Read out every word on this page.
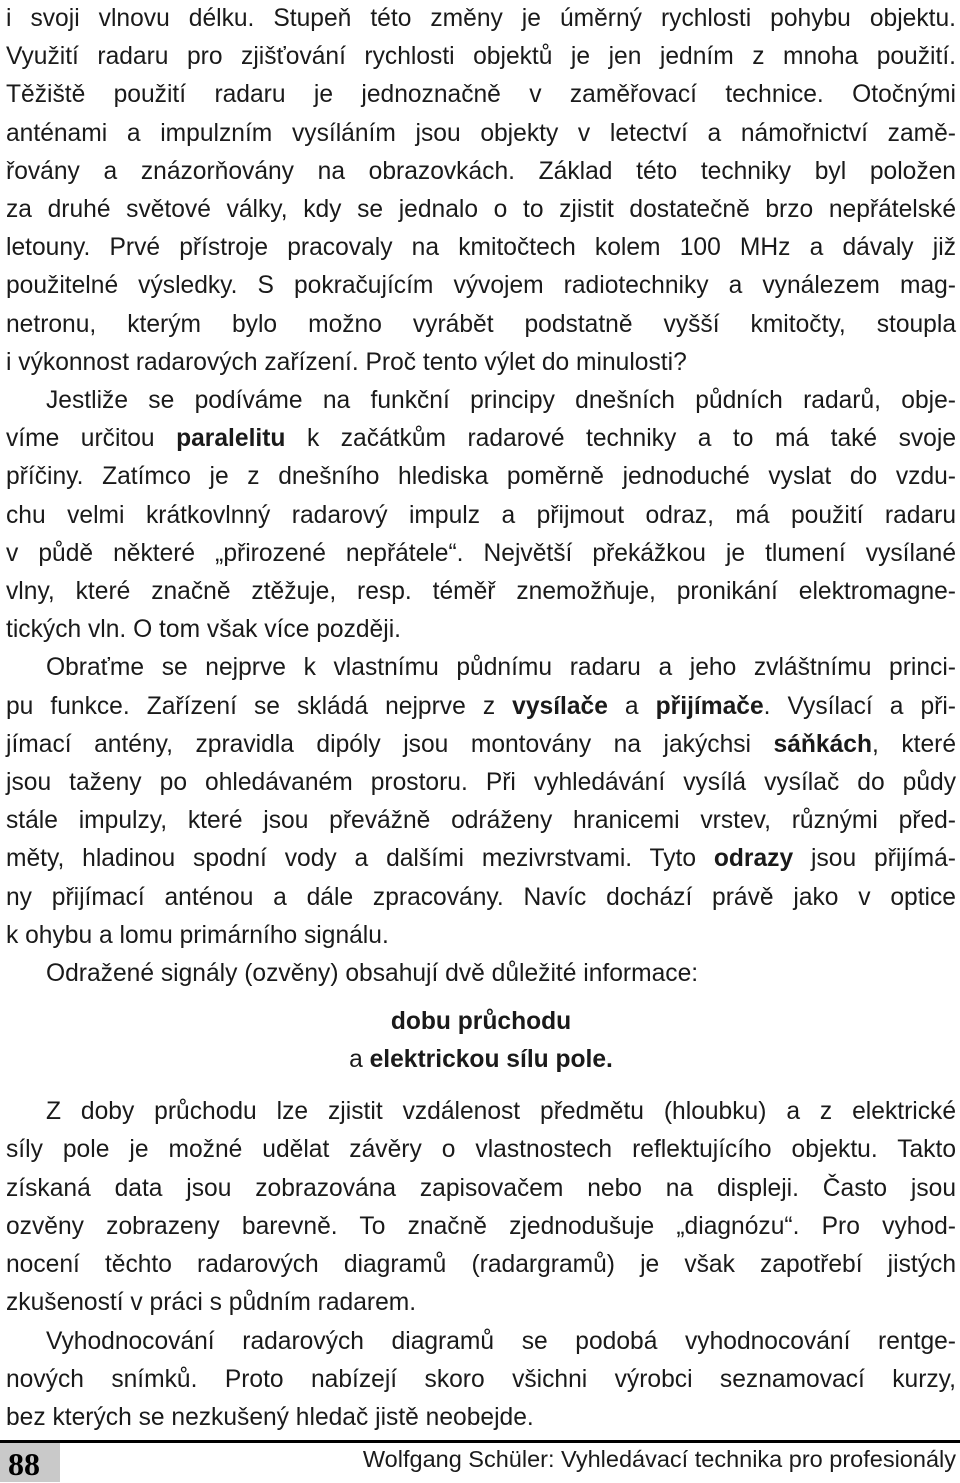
i svoji vlnovu délku. Stupeň této změny je úměrný rychlosti pohybu objektu.
Využití radaru pro zjišťování rychlosti objektů je jen jedním z mnoha použití.
Těžiště použití radaru je jednoznačně v zaměřovací technice. Otočnými
anténami a impulzním vysíláním jsou objekty v letectví a námořnictví zamě-
řovány a znázorňovány na obrazovkách. Základ této techniky byl položen
za druhé světové války, kdy se jednalo o to zjistit dostatečně brzo nepřátelské
letouny. Prvé přístroje pracovaly na kmitočtech kolem 100 MHz a dávaly již
použitelné výsledky. S pokračujícím vývojem radiotechniky a vynálezem mag-
netronu, kterým bylo možno vyrábět podstatně vyšší kmitočty, stoupla
i výkonnost radarových zařízení. Proč tento výlet do minulosti?

Jestliže se podíváme na funkční principy dnešních půdních radarů, obje-
víme určitou paralelitu k začátkům radarové techniky a to má také svoje
příčiny. Zatímco je z dnešního hlediska poměrně jednoduché vyslat do vzdu-
chu velmi krátkovlnný radarový impulz a přijmout odraz, má použití radaru
v půdě některé „přirozené nepřátele“. Největší překážkou je tlumení vysílané
vlny, které značně ztěžuje, resp. téměř znemožňuje, pronikání elektromagne-
tických vln. O tom však více později.

Obraťme se nejprve k vlastnímu půdnímu radaru a jeho zvláštnímu princi-
pu funkce. Zařízení se skládá nejprve z vysílače a přijímače. Vysílací a při-
jímací antény, zpravidla dipóly jsou montovány na jakýchsi sáňkách, které
jsou taženy po ohledávaném prostoru. Při vyhledávání vysílá vysílač do půdy
stále impulzy, které jsou převážně odráženy hranicemi vrstev, různými před-
měty, hladinou spodní vody a dalšími mezivrstvami. Tyto odrazy jsou přijímá-
ny přijímací anténou a dále zpracovány. Navíc dochází právě jako v optice
k ohybu a lomu primárního signálu.

Odražené signály (ozvěny) obsahují dvě důležité informace:

dobu průchodu
a elektrickou sílu pole.

Z doby průchodu lze zjistit vzdálenost předmětu (hloubku) a z elektrické
síly pole je možné udělat závěry o vlastnostech reflektujícího objektu. Takto
získaná data jsou zobrazována zapisovačem nebo na displeji. Často jsou
ozvěny zobrazeny barevně. To značně zjednodušuje „diagnózu“. Pro vyhod-
nocení těchto radarových diagramů (radargramů) je však zapotřebí jistých
zkušeností v práci s půdním radarem.

Vyhodnocování radarových diagramů se podobá vyhodnocování rentge-
nových snímků. Proto nabízejí skoro všichni výrobci seznamovací kurzy,
bez kterých se nezkušený hledač jistě neobejde.

88	Wolfgang Schüler: Vyhledávací technika pro profesionály
